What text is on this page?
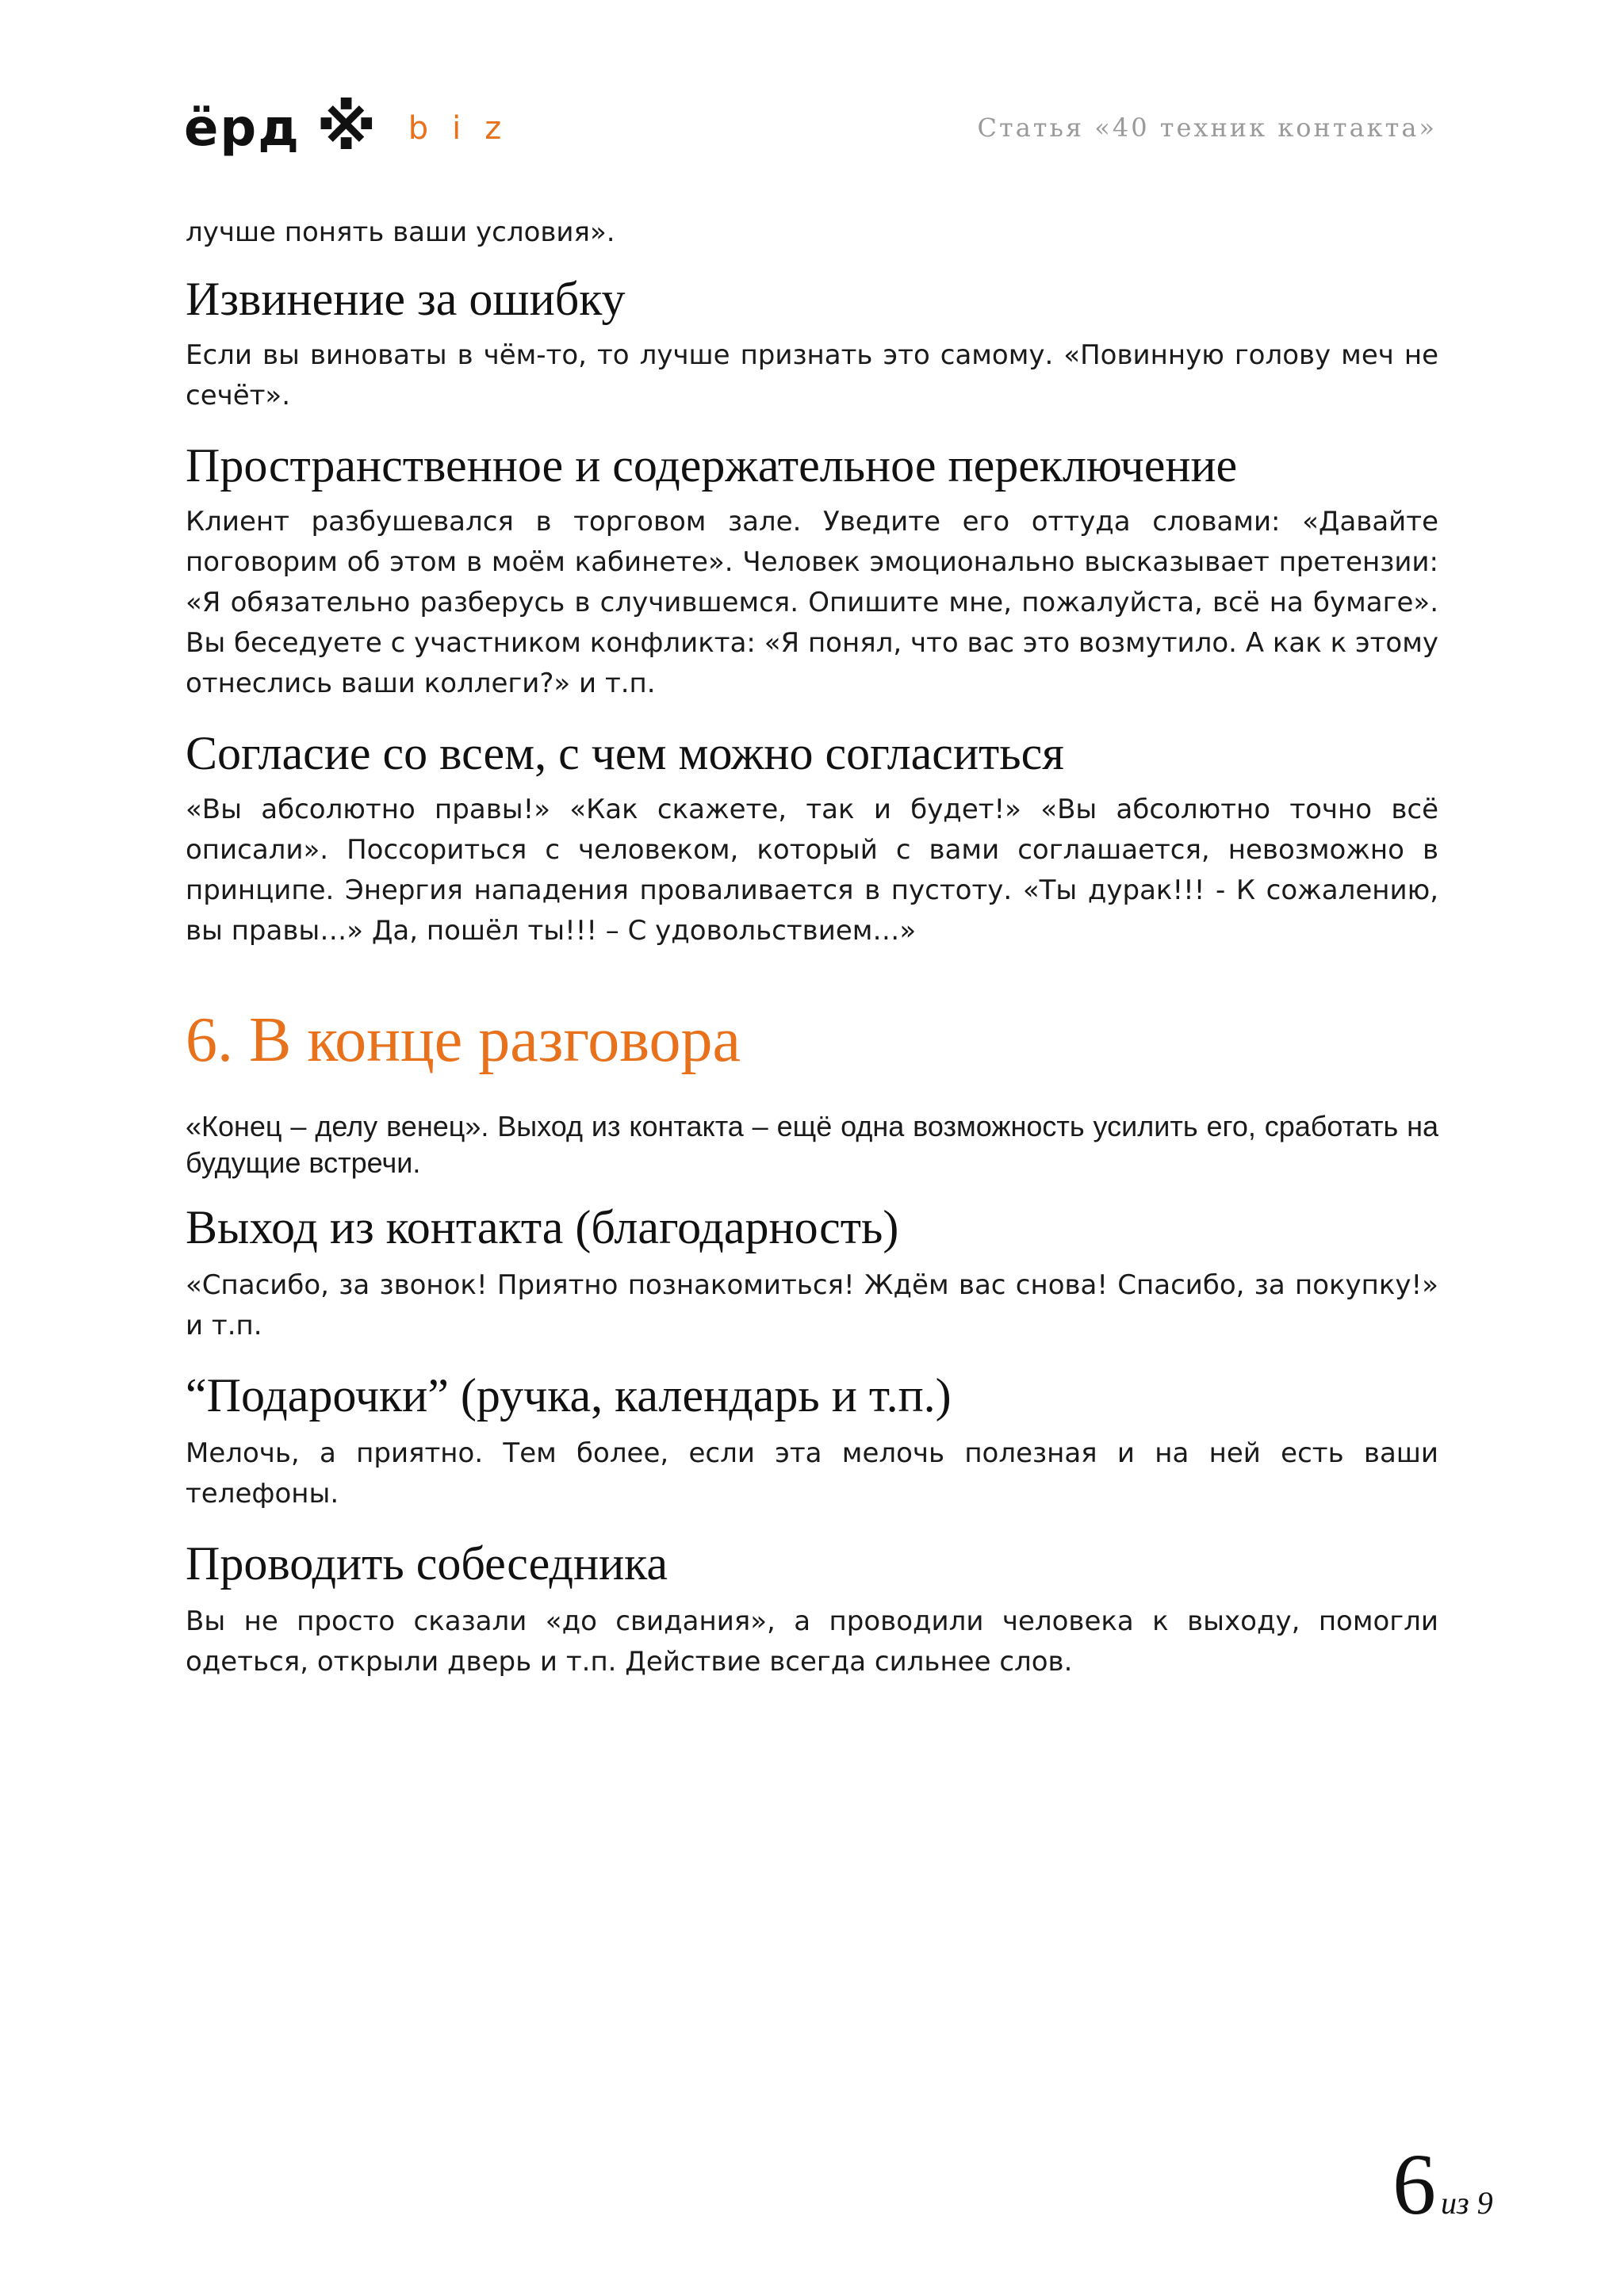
ёрд ※ biz	Статья «40 техник контакта»

лучше понять ваши условия».

Извинение за ошибку

Если вы виноваты в чём-то, то лучше признать это самому. «Повинную голову меч не сечёт».

Пространственное и содержательное переключение

Клиент разбушевался в торговом зале. Уведите его оттуда словами: «Давайте поговорим об этом в моём кабинете». Человек эмоционально высказывает претензии: «Я обязательно разберусь в случившемся. Опишите мне, пожалуйста, всё на бумаге». Вы беседуете с участником конфликта: «Я понял, что вас это возмутило. А как к этому отнеслись ваши коллеги?» и т.п.

Согласие со всем, с чем можно согласиться

«Вы абсолютно правы!» «Как скажете, так и будет!» «Вы абсолютно точно всё описали». Поссориться с человеком, который с вами соглашается, невозможно в принципе. Энергия нападения проваливается в пустоту. «Ты дурак!!! - К сожалению, вы правы…» Да, пошёл ты!!! – С удовольствием…»

6. В конце разговора

«Конец – делу венец». Выход из контакта – ещё одна возможность усилить его, сработать на будущие встречи.

Выход из контакта (благодарность)

«Спасибо, за звонок! Приятно познакомиться! Ждём вас снова! Спасибо, за покупку!» и т.п.

“Подарочки” (ручка, календарь и т.п.)

Мелочь, а приятно. Тем более, если эта мелочь полезная и на ней есть ваши телефоны.

Проводить собеседника

Вы не просто сказали «до свидания», а проводили человека к выходу, помогли одеться, открыли дверь и т.п. Действие всегда сильнее слов.

6 из 9
